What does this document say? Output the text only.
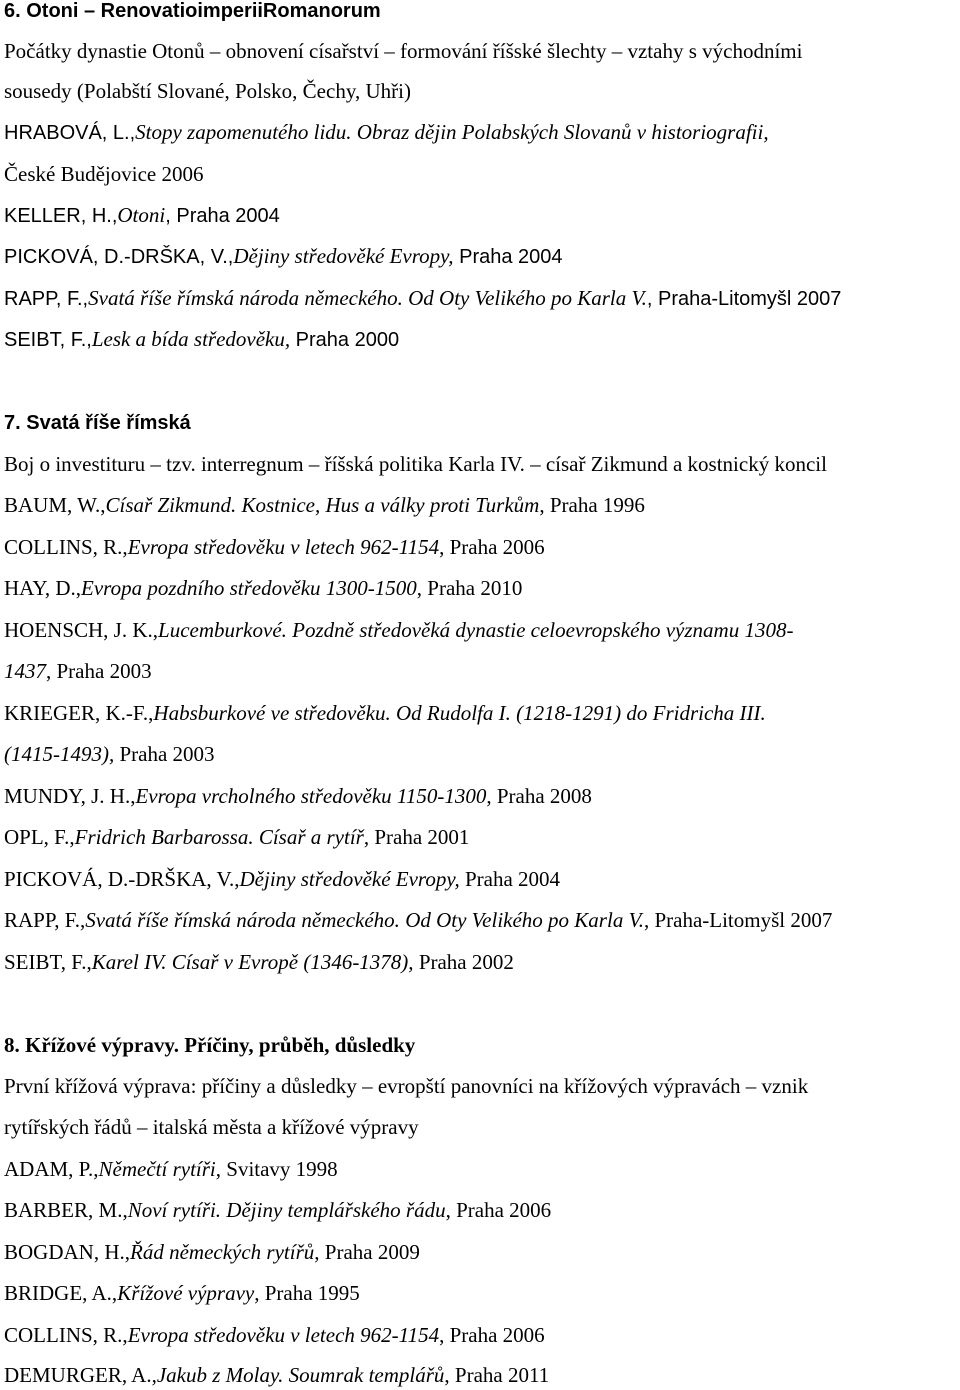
6. Otoni – RenovatioimperiiRomanorum
Počátky dynastie Otonů – obnovení císařství – formování říšské šlechty – vztahy s východními
sousedy (Polabští Slované, Polsko, Čechy, Uhři)
HRABOVÁ, L.,Stopy zapomenutého lidu. Obraz dějin Polabských Slovanů v historiografii,
České Budějovice 2006
KELLER, H.,Otoni, Praha 2004
PICKOVÁ, D.-DRŠKA, V.,Dějiny středověké Evropy, Praha 2004
RAPP, F.,Svatá říše římská národa německého. Od Oty Velikého po Karla V., Praha-Litomyšl 2007
SEIBT, F.,Lesk a bída středověku, Praha 2000
7. Svatá říše římská
Boj o investituru – tzv. interregnum – říšská politika Karla IV. – císař Zikmund a kostnický koncil
BAUM, W.,Císař Zikmund. Kostnice, Hus a války proti Turkům, Praha 1996
COLLINS, R.,Evropa středověku v letech 962-1154, Praha 2006
HAY, D.,Evropa pozdního středověku 1300-1500, Praha 2010
HOENSCH, J. K.,Lucemburkové. Pozdně středověká dynastie celoevropského významu 1308-
1437, Praha 2003
KRIEGER, K.-F.,Habsburkové ve středověku. Od Rudolfa I. (1218-1291) do Fridricha III.
(1415-1493), Praha 2003
MUNDY, J. H.,Evropa vrcholného středověku 1150-1300, Praha 2008
OPL, F.,Fridrich Barbarossa. Císař a rytíř, Praha 2001
PICKOVÁ, D.-DRŠKA, V.,Dějiny středověké Evropy, Praha 2004
RAPP, F.,Svatá říše římská národa německého. Od Oty Velikého po Karla V., Praha-Litomyšl 2007
SEIBT, F.,Karel IV. Císař v Evropě (1346-1378), Praha 2002
8. Křížové výpravy. Příčiny, průběh, důsledky
První křížová výprava: příčiny a důsledky – evropští panovníci na křížových výpravách – vznik
rytířských řádů – italská města a křížové výpravy
ADAM, P.,Němečtí rytíři, Svitavy 1998
BARBER, M.,Noví rytíři. Dějiny templářského řádu, Praha 2006
BOGDAN, H.,Řád německých rytířů, Praha 2009
BRIDGE, A.,Křížové výpravy, Praha 1995
COLLINS, R.,Evropa středověku v letech 962-1154, Praha 2006
DEMURGER, A.,Jakub z Molay. Soumrak templářů, Praha 2011
